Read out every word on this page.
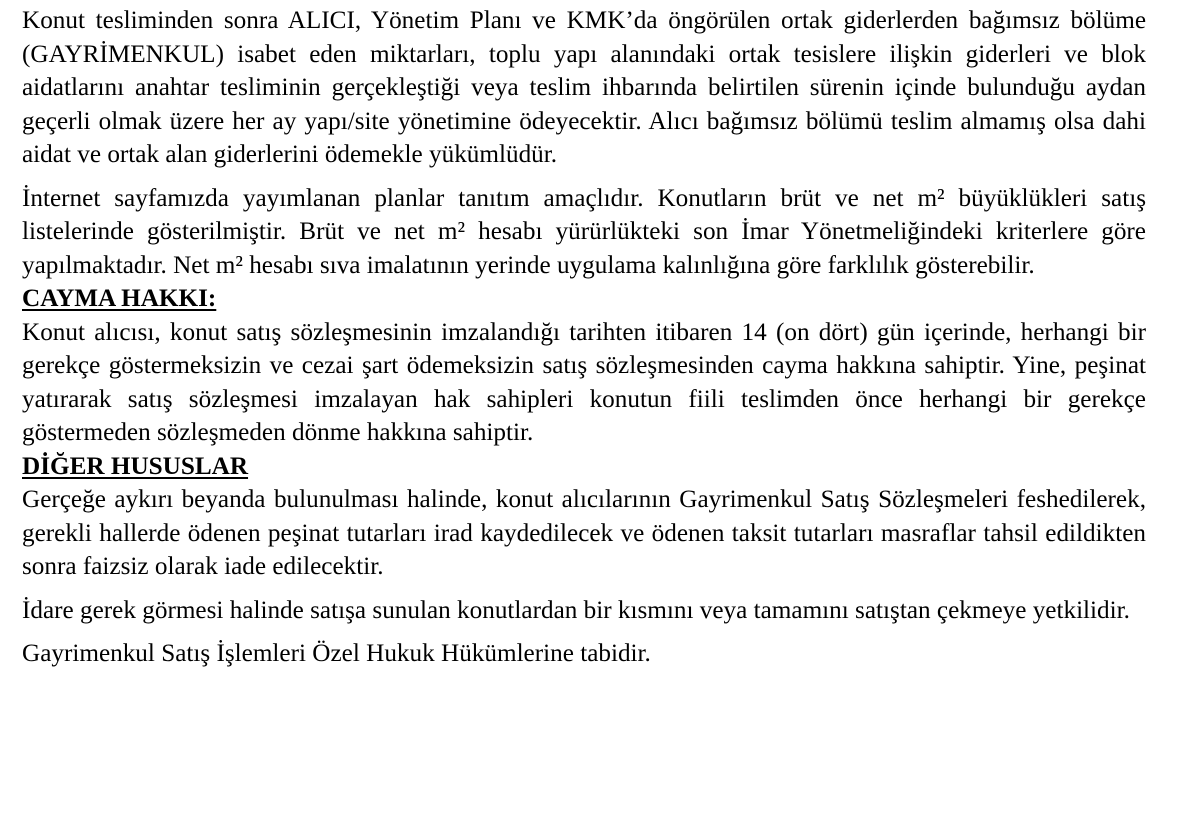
Konut tesliminden sonra ALICI, Yönetim Planı ve KMK’da öngörülen ortak giderlerden bağımsız bölüme (GAYRİMENKUL) isabet eden miktarları, toplu yapı alanındaki ortak tesislere ilişkin giderleri ve blok aidatlarını anahtar tesliminin gerçekleştiği veya teslim ihbarında belirtilen sürenin içinde bulunduğu aydan geçerli olmak üzere her ay yapı/site yönetimine ödeyecektir. Alıcı bağımsız bölümü teslim almamış olsa dahi aidat ve ortak alan giderlerini ödemekle yükümlüdür.

İnternet sayfamızda yayımlanan planlar tanıtım amaçlıdır. Konutların brüt ve net m² büyüklükleri satış listelerinde gösterilmiştir. Brüt ve net m² hesabı yürürlükteki son İmar Yönetmeliğindeki kriterlere göre yapılmaktadır. Net m² hesabı sıva imalatının yerinde uygulama kalınlığına göre farklılık gösterebilir.

CAYMA HAKKI:

Konut alıcısı, konut satış sözleşmesinin imzalandığı tarihten itibaren 14 (on dört) gün içerinde, herhangi bir gerekçe göstermeksizin ve cezai şart ödemeksizin satış sözleşmesinden cayma hakkına sahiptir. Yine, peşinat yatırarak satış sözleşmesi imzalayan hak sahipleri konutun fiili teslimden önce herhangi bir gerekçe göstermeden sözleşmeden dönme hakkına sahiptir.

DİĞER HUSUSLAR

Gerçeğe aykırı beyanda bulunulması halinde, konut alıcılarının Gayrimenkul Satış Sözleşmeleri feshedilerek, gerekli hallerde ödenen peşinat tutarları irad kaydedilecek ve ödenen taksit tutarları masraflar tahsil edildikten sonra faizsiz olarak iade edilecektir.

İdare gerek görmesi halinde satışa sunulan konutlardan bir kısmını veya tamamını satıştan çekmeye yetkilidir.

Gayrimenkul Satış İşlemleri Özel Hukuk Hükümlerine tabidir.
